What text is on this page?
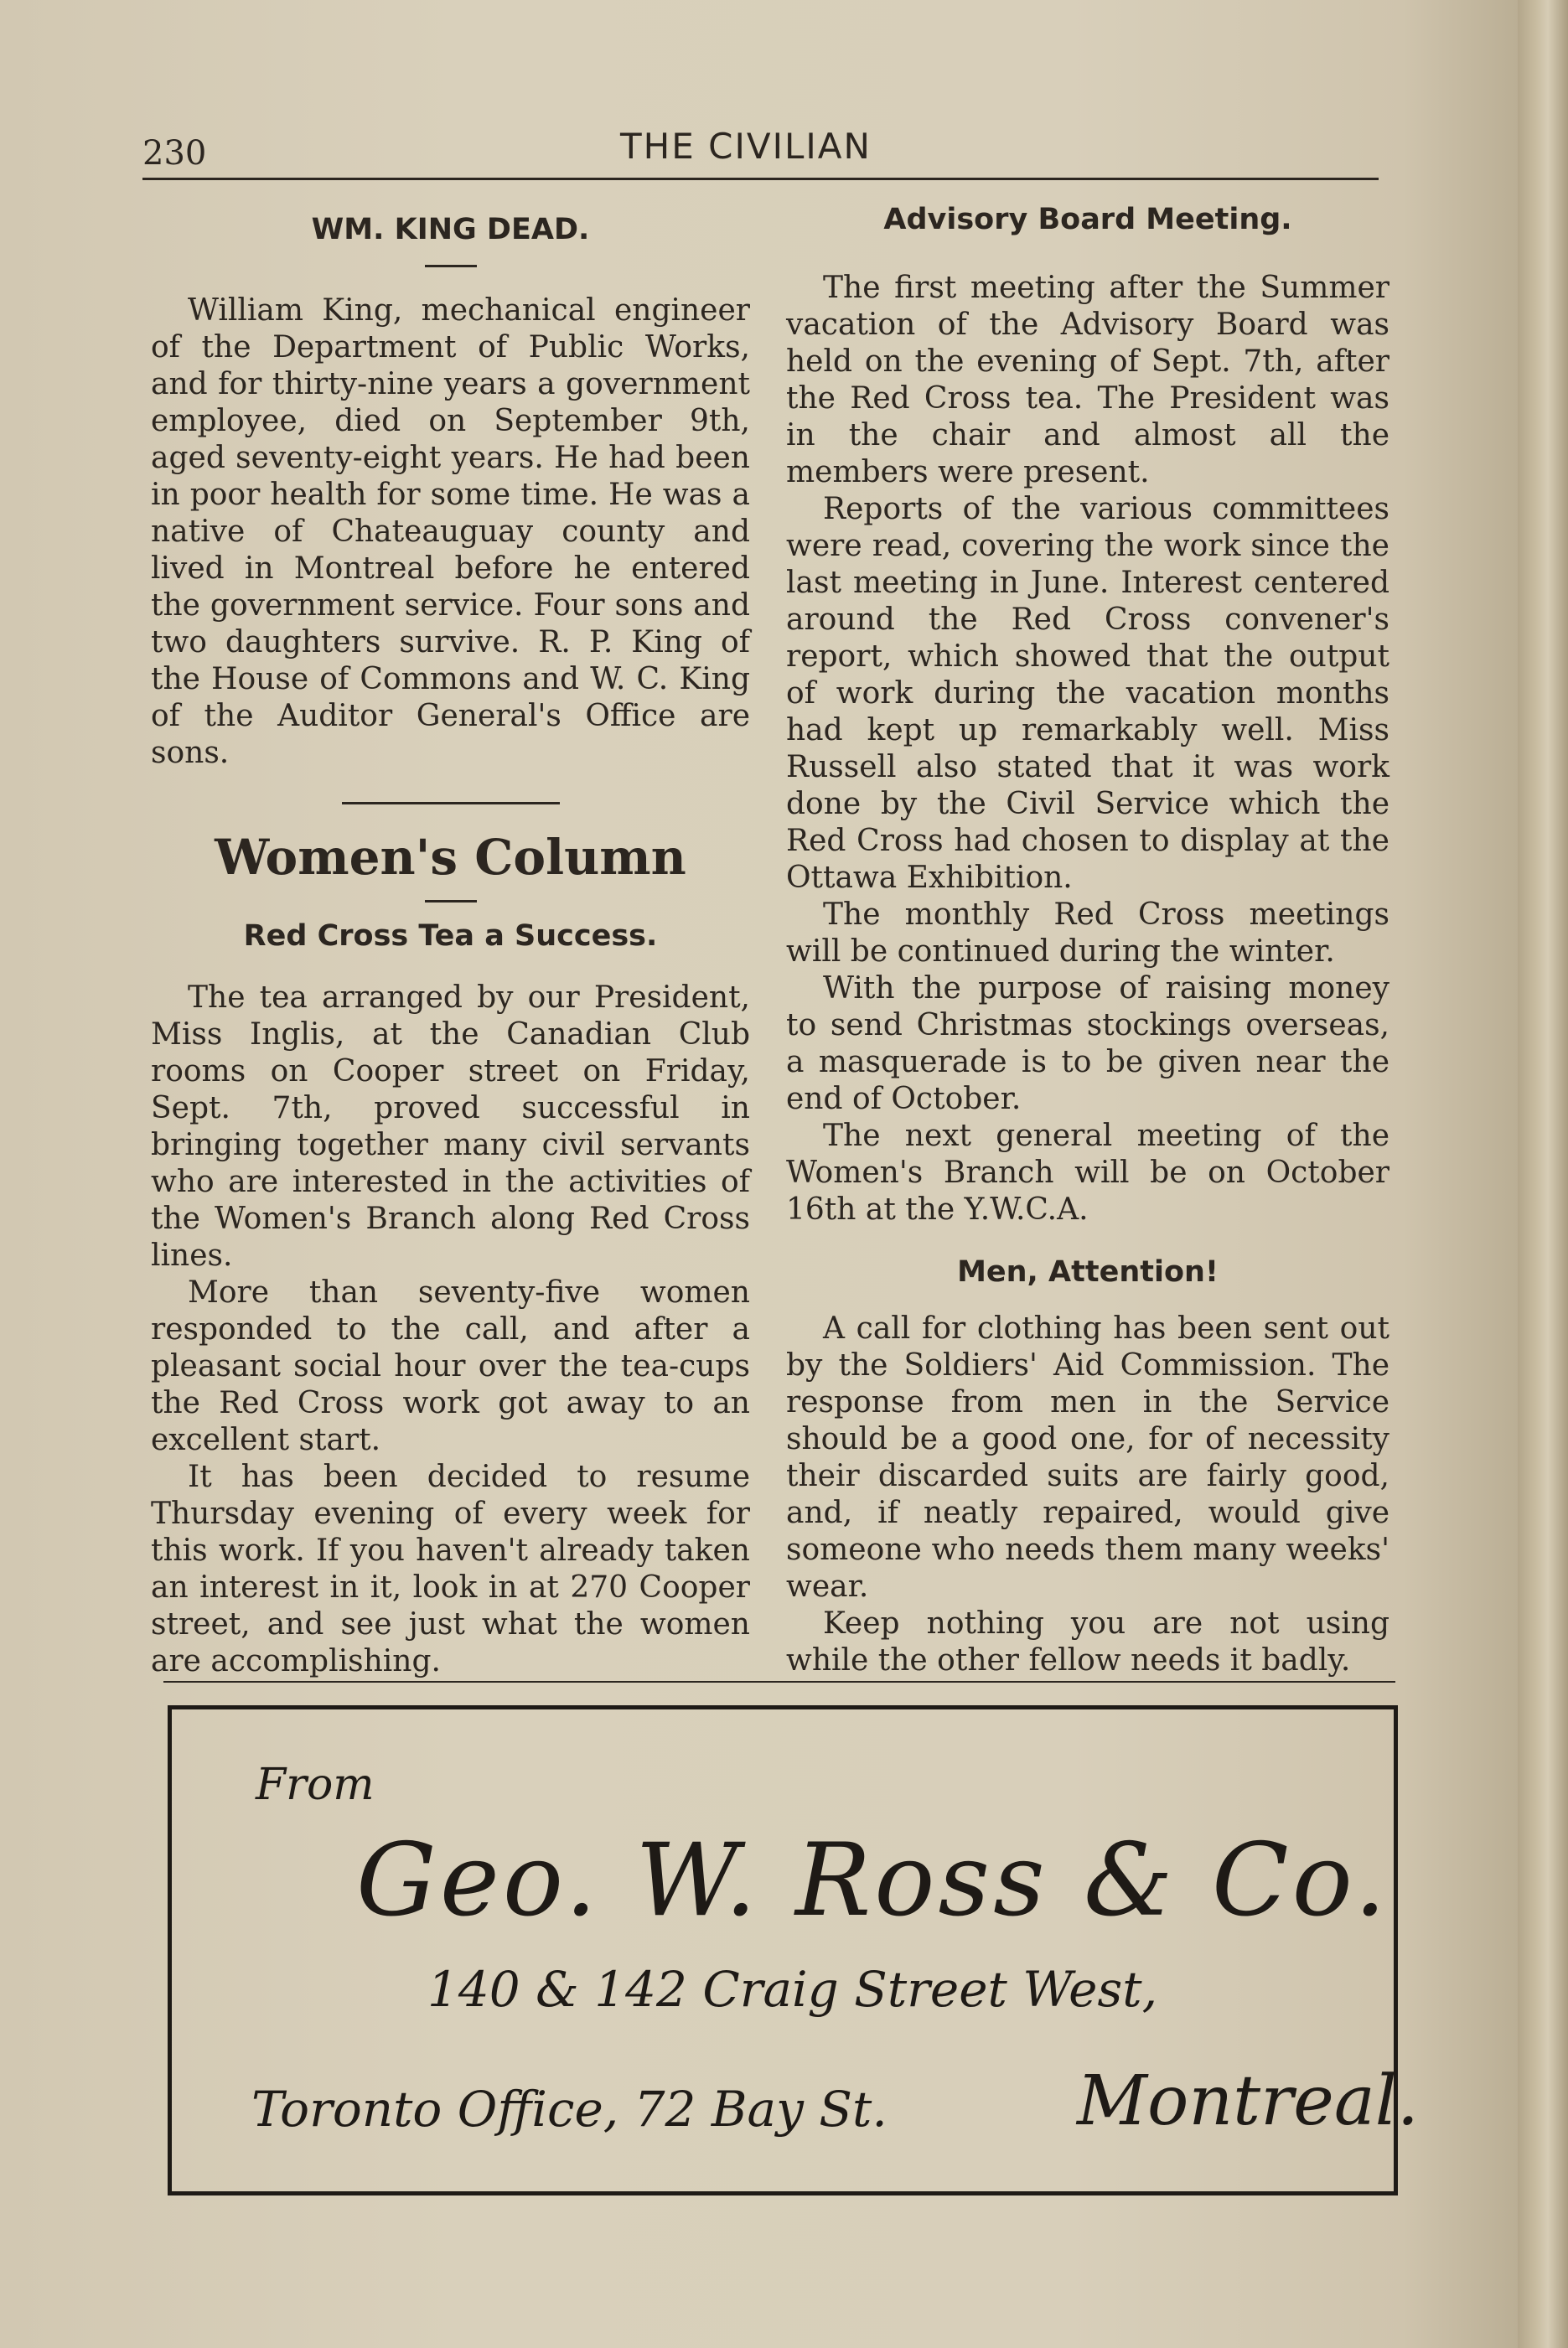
230	THE CIVILIAN
WM. KING DEAD.

William King, mechanical engineer of the Department of Public Works, and for thirty-nine years a government employee, died on September 9th, aged seventy-eight years. He had been in poor health for some time. He was a native of Chateauguay county and lived in Montreal before he entered the government service. Four sons and two daughters survive. R. P. King of the House of Commons and W. C. King of the Auditor General's Office are sons.

Women's Column
Red Cross Tea a Success.

The tea arranged by our President, Miss Inglis, at the Canadian Club rooms on Cooper street on Friday, Sept. 7th, proved successful in bringing together many civil servants who are interested in the activities of the Women's Branch along Red Cross lines.

More than seventy-five women responded to the call, and after a pleasant social hour over the tea-cups the Red Cross work got away to an excellent start.

It has been decided to resume Thursday evening of every week for this work. If you haven't already taken an interest in it, look in at 270 Cooper street, and see just what the women are accomplishing.

Advisory Board Meeting.

The first meeting after the Summer vacation of the Advisory Board was held on the evening of Sept. 7th, after the Red Cross tea. The President was in the chair and almost all the members were present.

Reports of the various committees were read, covering the work since the last meeting in June. Interest centered around the Red Cross convener's report, which showed that the output of work during the vacation months had kept up remarkably well. Miss Russell also stated that it was work done by the Civil Service which the Red Cross had chosen to display at the Ottawa Exhibition.

The monthly Red Cross meetings will be continued during the winter.

With the purpose of raising money to send Christmas stockings overseas, a masquerade is to be given near the end of October.

The next general meeting of the Women's Branch will be on October 16th at the Y.W.C.A.

Men, Attention!

A call for clothing has been sent out by the Soldiers' Aid Commission. The response from men in the Service should be a good one, for of necessity their discarded suits are fairly good, and, if neatly repaired, would give someone who needs them many weeks' wear.

Keep nothing you are not using while the other fellow needs it badly.

From
Geo. W. Ross & Co.
140 & 142 Craig Street West,
Toronto Office, 72 Bay St.	Montreal.
